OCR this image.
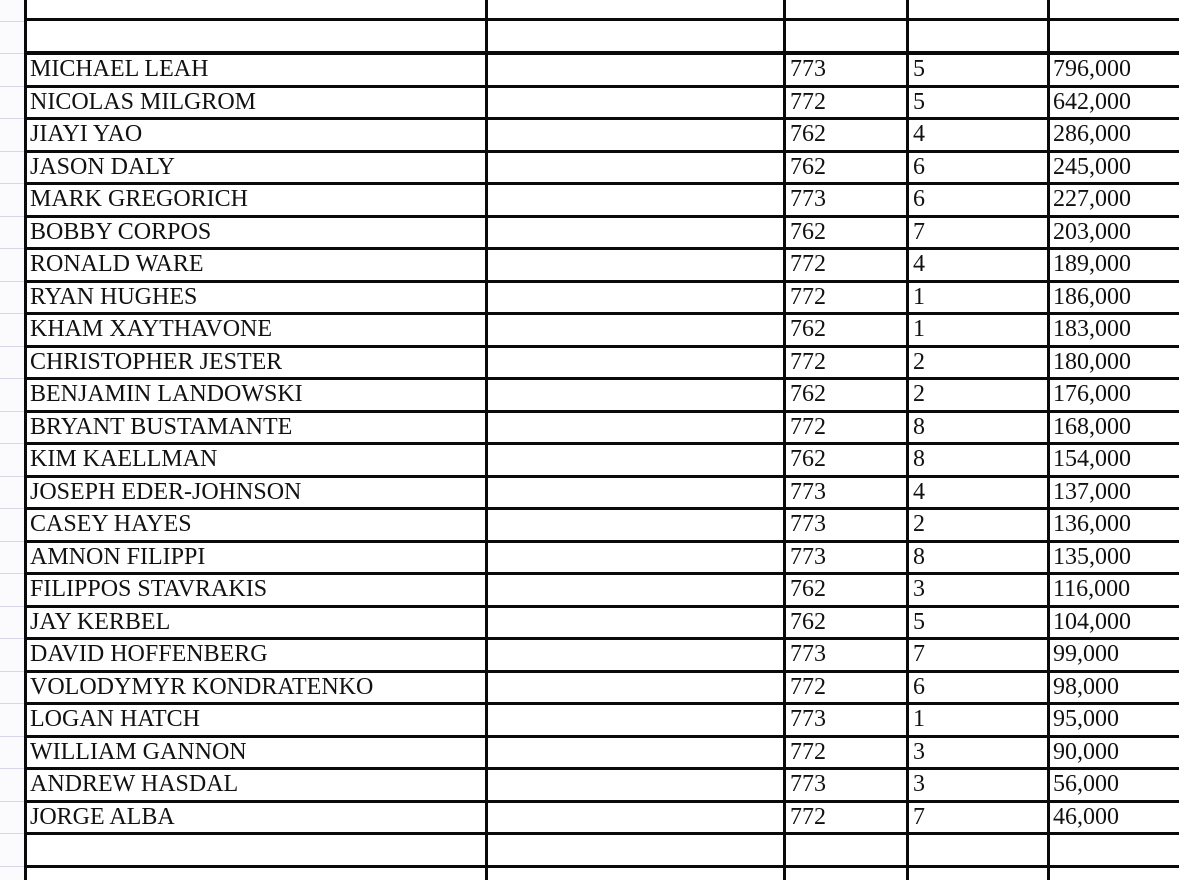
MICHAEL LEAH	773	5	796,000
NICOLAS MILGROM	772	5	642,000
JIAYI YAO	762	4	286,000
JASON DALY	762	6	245,000
MARK GREGORICH	773	6	227,000
BOBBY CORPOS	762	7	203,000
RONALD WARE	772	4	189,000
RYAN HUGHES	772	1	186,000
KHAM XAYTHAVONE	762	1	183,000
CHRISTOPHER JESTER	772	2	180,000
BENJAMIN LANDOWSKI	762	2	176,000
BRYANT BUSTAMANTE	772	8	168,000
KIM KAELLMAN	762	8	154,000
JOSEPH EDER-JOHNSON	773	4	137,000
CASEY HAYES	773	2	136,000
AMNON FILIPPI	773	8	135,000
FILIPPOS STAVRAKIS	762	3	116,000
JAY KERBEL	762	5	104,000
DAVID HOFFENBERG	773	7	99,000
VOLODYMYR KONDRATENKO	772	6	98,000
LOGAN HATCH	773	1	95,000
WILLIAM GANNON	772	3	90,000
ANDREW HASDAL	773	3	56,000
JORGE ALBA	772	7	46,000
